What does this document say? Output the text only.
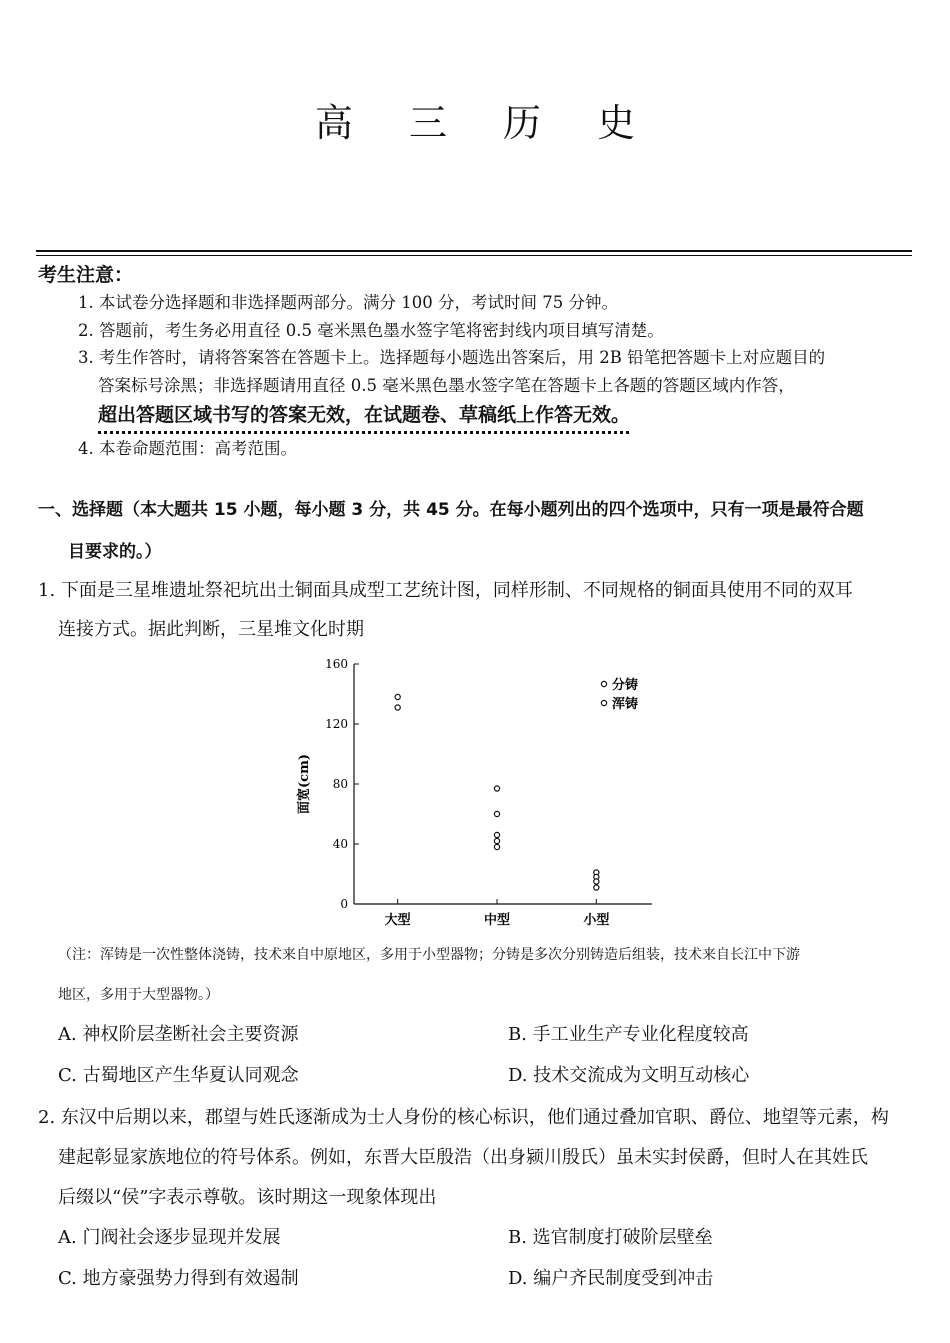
高 三 历 史
考生注意：
1. 本试卷分选择题和非选择题两部分。满分 100 分，考试时间 75 分钟。
2. 答题前，考生务必用直径 0.5 毫米黑色墨水签字笔将密封线内项目填写清楚。
3. 考生作答时，请将答案答在答题卡上。选择题每小题选出答案后，用 2B 铅笔把答题卡上对应题目的
答案标号涂黑；非选择题请用直径 0.5 毫米黑色墨水签字笔在答题卡上各题的答题区域内作答，
超出答题区域书写的答案无效，在试题卷、草稿纸上作答无效。
4. 本卷命题范围：高考范围。
一、选择题（本大题共 15 小题，每小题 3 分，共 45 分。在每小题列出的四个选项中，只有一项是最符合题
目要求的。）
1. 下面是三星堆遗址祭祀坑出土铜面具成型工艺统计图，同样形制、不同规格的铜面具使用不同的双耳
连接方式。据此判断，三星堆文化时期
面宽(cm)
0
40
80
120
160
大型	中型	小型
分铸
浑铸
（注：浑铸是一次性整体浇铸，技术来自中原地区，多用于小型器物；分铸是多次分别铸造后组装，技术来自长江中下游
地区，多用于大型器物。）
A. 神权阶层垄断社会主要资源	B. 手工业生产专业化程度较高
C. 古蜀地区产生华夏认同观念	D. 技术交流成为文明互动核心
2. 东汉中后期以来，郡望与姓氏逐渐成为士人身份的核心标识，他们通过叠加官职、爵位、地望等元素，构
建起彰显家族地位的符号体系。例如，东晋大臣殷浩（出身颍川殷氏）虽未实封侯爵，但时人在其姓氏
后缀以“侯”字表示尊敬。该时期这一现象体现出
A. 门阀社会逐步显现并发展	B. 选官制度打破阶层壁垒
C. 地方豪强势力得到有效遏制	D. 编户齐民制度受到冲击
